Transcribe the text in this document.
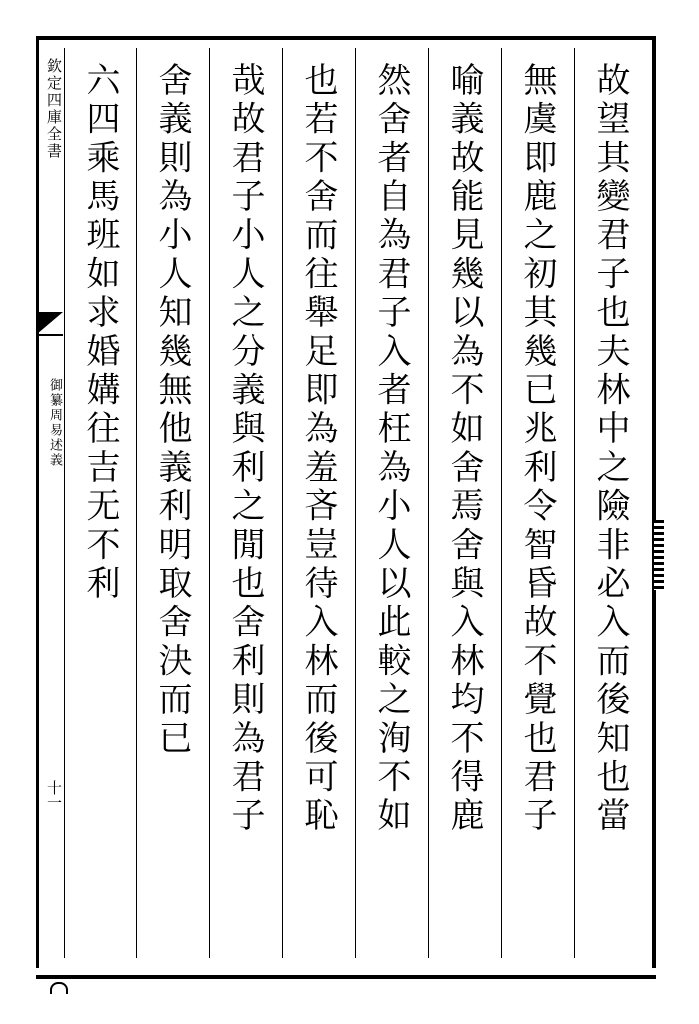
欽定四庫全書
御纂周易述義
十一	故望其變君子也夫林中之險非必入而後知也當
無虞即鹿之初其幾已兆利令智昏故不覺也君子
喻義故能見幾以為不如舍焉舍與入林均不得鹿
然舍者自為君子入者枉為小人以此較之洵不如
也若不舍而往舉足即為羞吝豈待入林而後可恥
哉故君子小人之分義與利之閒也舍利則為君子
舍義則為小人知幾無他義利明取舍決而已
六四乘馬班如求婚媾往吉无不利
